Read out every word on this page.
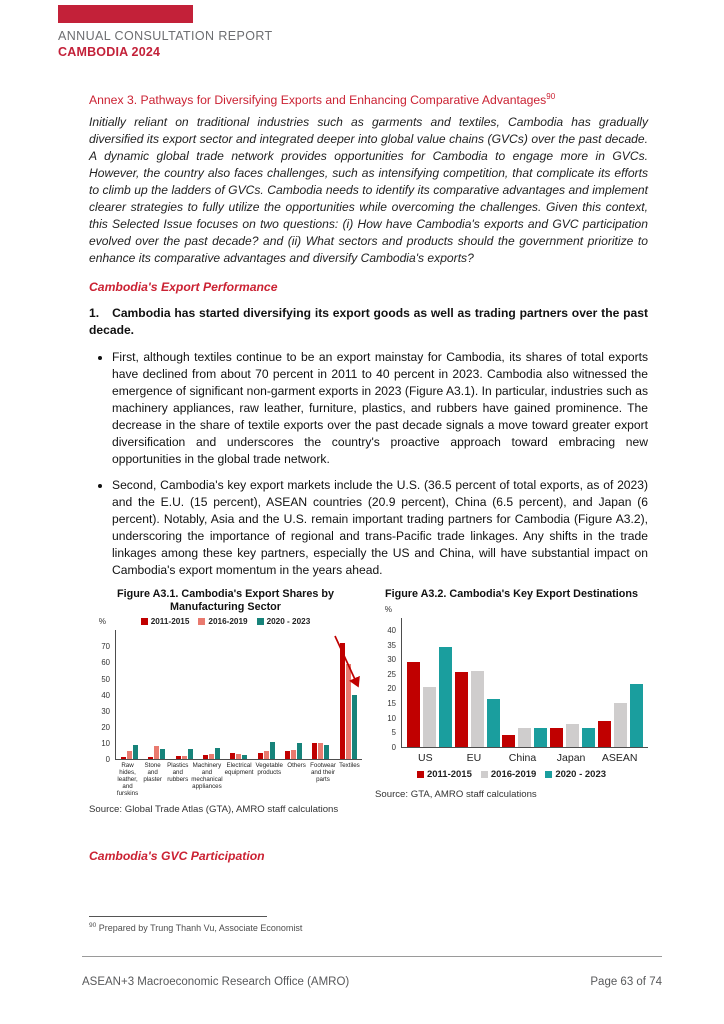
ANNUAL CONSULTATION REPORT
CAMBODIA 2024
Annex 3. Pathways for Diversifying Exports and Enhancing Comparative Advantages$^{90}$

Initially reliant on traditional industries such as garments and textiles, Cambodia has gradually diversified its export sector and integrated deeper into global value chains (GVCs) over the past decade. A dynamic global trade network provides opportunities for Cambodia to engage more in GVCs. However, the country also faces challenges, such as intensifying competition, that complicate its efforts to climb up the ladders of GVCs. Cambodia needs to identify its comparative advantages and implement clearer strategies to fully utilize the opportunities while overcoming the challenges. Given this context, this Selected Issue focuses on two questions: (i) How have Cambodia's exports and GVC participation evolved over the past decade? and (ii) What sectors and products should the government prioritize to enhance its comparative advantages and diversify Cambodia's exports?

Cambodia's Export Performance

1. Cambodia has started diversifying its export goods as well as trading partners over the past decade.

• First, although textiles continue to be an export mainstay for Cambodia, its shares of total exports have declined from about 70 percent in 2011 to 40 percent in 2023. Cambodia also witnessed the emergence of significant non-garment exports in 2023 (Figure A3.1). In particular, industries such as machinery appliances, raw leather, furniture, plastics, and rubbers have gained prominence. The decrease in the share of textile exports over the past decade signals a move toward greater export diversification and underscores the country's proactive approach toward embracing new opportunities in the global trade network.
• Second, Cambodia's key export markets include the U.S. (36.5 percent of total exports, as of 2023) and the E.U. (15 percent), ASEAN countries (20.9 percent), China (6.5 percent), and Japan (6 percent). Notably, Asia and the U.S. remain important trading partners for Cambodia (Figure A3.2), underscoring the importance of regional and trans-Pacific trade linkages. Any shifts in the trade linkages among these key partners, especially the US and China, will have substantial impact on Cambodia's export momentum in the years ahead.
Figure A3.1. Cambodia's Export Shares by
Manufacturing Sector
2011-2015 2016-2019 2020 - 2023
%
0
10
20
30
40
50
60
70
Raw hides, leather, and furskins
Stone and plaster
Plastics and rubbers
Machinery and mechanical appliances
Electrical equipment
Vegetable products
Others Footwear and their parts
Textiles
Source: Global Trade Atlas (GTA), AMRO staff calculations
Figure A3.2. Cambodia's Key Export Destinations
%
0
5
10
15
20
25
30
35
40
US	EU	China	Japan	ASEAN
2011-2015 2016-2019 2020 - 2023
Source: GTA, AMRO staff calculations
Cambodia's GVC Participation
$^{90}$ Prepared by Trung Thanh Vu, Associate Economist
ASEAN+3 Macroeconomic Research Office (AMRO)	Page 63 of 74
